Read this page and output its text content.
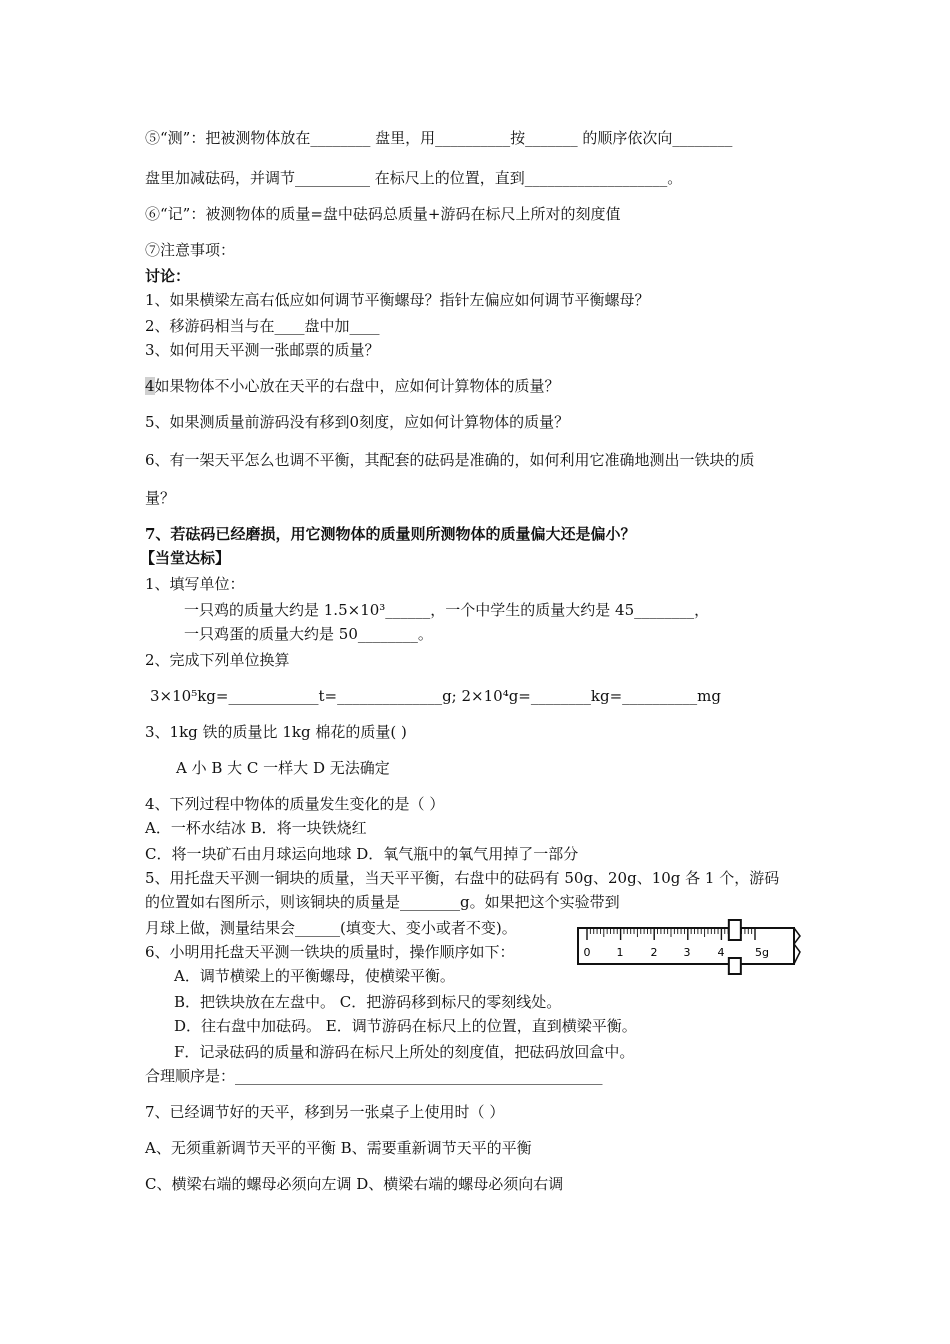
⑤“测”：把被测物体放在________ 盘里，用__________按_______ 的顺序依次向________
盘里加减砝码，并调节__________ 在标尺上的位置，直到___________________。
⑥“记”：被测物体的质量=盘中砝码总质量+游码在标尺上所对的刻度值
⑦注意事项：
讨论：
1、如果横梁左高右低应如何调节平衡螺母？指针左偏应如何调节平衡螺母？
2、移游码相当与在____盘中加____
3、如何用天平测一张邮票的质量？
4如果物体不小心放在天平的右盘中，应如何计算物体的质量？
5、如果测质量前游码没有移到0刻度，应如何计算物体的质量？
6、有一架天平怎么也调不平衡，其配套的砝码是准确的，如何利用它准确地测出一铁块的质
量？
7、若砝码已经磨损，用它测物体的质量则所测物体的质量偏大还是偏小？
【当堂达标】
1、填写单位：
一只鸡的质量大约是 1.5×10³______，一个中学生的质量大约是 45________，
一只鸡蛋的质量大约是 50________。
2、完成下列单位换算
3×10⁵kg=____________t=______________g; 2×10⁴g=________kg=__________mg
3、1kg 铁的质量比 1kg 棉花的质量( )
A 小 B 大 C 一样大 D 无法确定
4、下列过程中物体的质量发生变化的是（ ）
A．一杯水结冰 B．将一块铁烧红
C．将一块矿石由月球运向地球 D．氧气瓶中的氧气用掉了一部分
5、用托盘天平测一铜块的质量，当天平平衡，右盘中的砝码有 50g、20g、10g 各 1 个，游码
的位置如右图所示，则该铜块的质量是________g。如果把这个实验带到
月球上做，测量结果会______(填变大、变小或者不变)。
6、小明用托盘天平测一铁块的质量时，操作顺序如下：
A．调节横梁上的平衡螺母，使横梁平衡。
B．把铁块放在左盘中。 C．把游码移到标尺的零刻线处。
D．往右盘中加砝码。 E．调节游码在标尺上的位置，直到横梁平衡。
F．记录砝码的质量和游码在标尺上所处的刻度值，把砝码放回盒中。
合理顺序是：_________________________________________________
7、已经调节好的天平，移到另一张桌子上使用时（ ）
A、无须重新调节天平的平衡 B、需要重新调节天平的平衡
C、横梁右端的螺母必须向左调 D、横梁右端的螺母必须向右调
0 1 2 3 4	5g
